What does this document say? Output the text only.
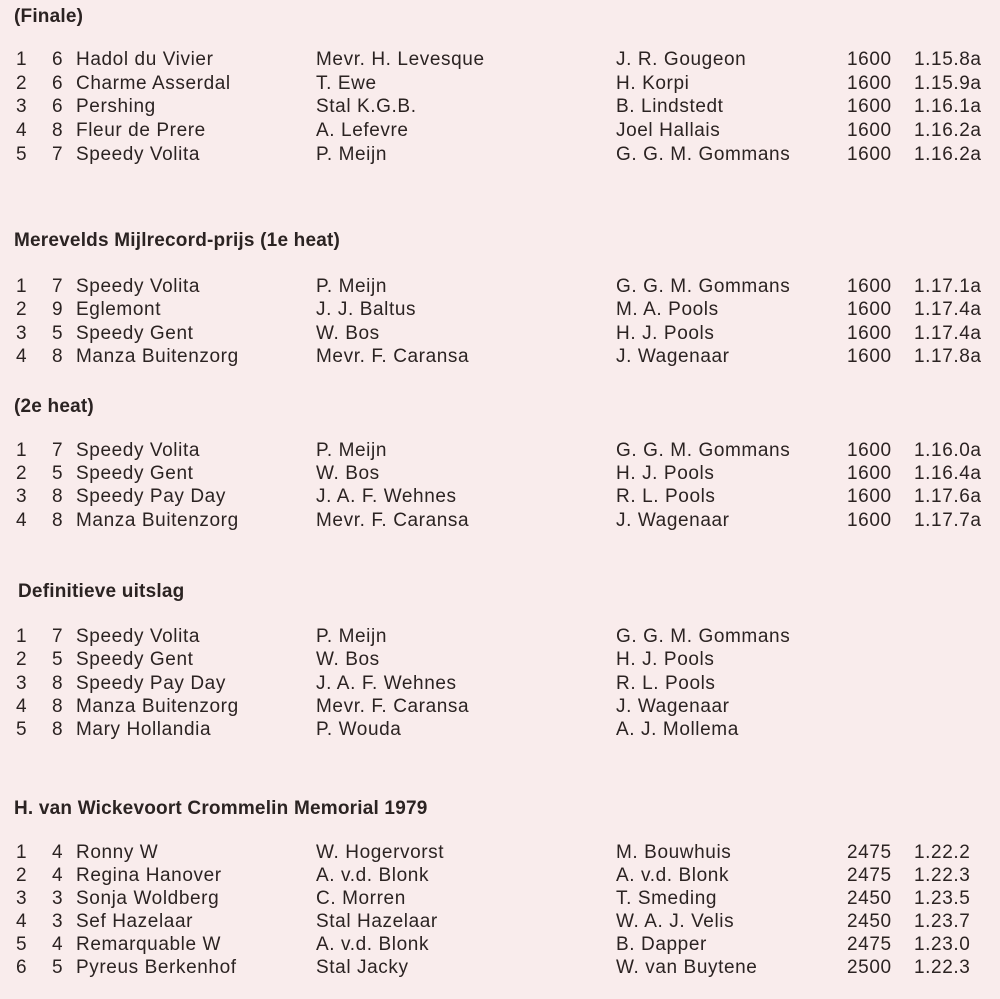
(Finale)
1 6 Hadol du Vivier	Mevr. H. Levesque	J. R. Gougeon	1600 1.15.8a
2 6 Charme Asserdal	T. Ewe	H. Korpi	1600 1.15.9a
3 6 Pershing	Stal K.G.B.	B. Lindstedt	1600 1.16.1a
4 8 Fleur de Prere	A. Lefevre	Joel Hallais	1600 1.16.2a
5 7 Speedy Volita	P. Meijn	G. G. M. Gommans	1600 1.16.2a
Merevelds Mijlrecord-prijs (1e heat)
1 7 Speedy Volita	P. Meijn	G. G. M. Gommans	1600 1.17.1a
2 9 Eglemont	J. J. Baltus	M. A. Pools	1600 1.17.4a
3 5 Speedy Gent	W. Bos	H. J. Pools	1600 1.17.4a
4 8 Manza Buitenzorg	Mevr. F. Caransa	J. Wagenaar	1600 1.17.8a
(2e heat)
1 7 Speedy Volita	P. Meijn	G. G. M. Gommans	1600 1.16.0a
2 5 Speedy Gent	W. Bos	H. J. Pools	1600 1.16.4a
3 8 Speedy Pay Day	J. A. F. Wehnes	R. L. Pools	1600 1.17.6a
4 8 Manza Buitenzorg	Mevr. F. Caransa	J. Wagenaar	1600 1.17.7a
Definitieve uitslag
1 7 Speedy Volita	P. Meijn	G. G. M. Gommans
2 5 Speedy Gent	W. Bos	H. J. Pools
3 8 Speedy Pay Day	J. A. F. Wehnes	R. L. Pools
4 8 Manza Buitenzorg	Mevr. F. Caransa	J. Wagenaar
5 8 Mary Hollandia	P. Wouda	A. J. Mollema
H. van Wickevoort Crommelin Memorial 1979
1 4 Ronny W	W. Hogervorst	M. Bouwhuis	2475 1.22.2
2 4 Regina Hanover	A. v.d. Blonk	A. v.d. Blonk	2475 1.22.3
3 3 Sonja Woldberg	C. Morren	T. Smeding	2450 1.23.5
4 3 Sef Hazelaar	Stal Hazelaar	W. A. J. Velis	2450 1.23.7
5 4 Remarquable W	A. v.d. Blonk	B. Dapper	2475 1.23.0
6 5 Pyreus Berkenhof	Stal Jacky	W. van Buytene	2500 1.22.3
